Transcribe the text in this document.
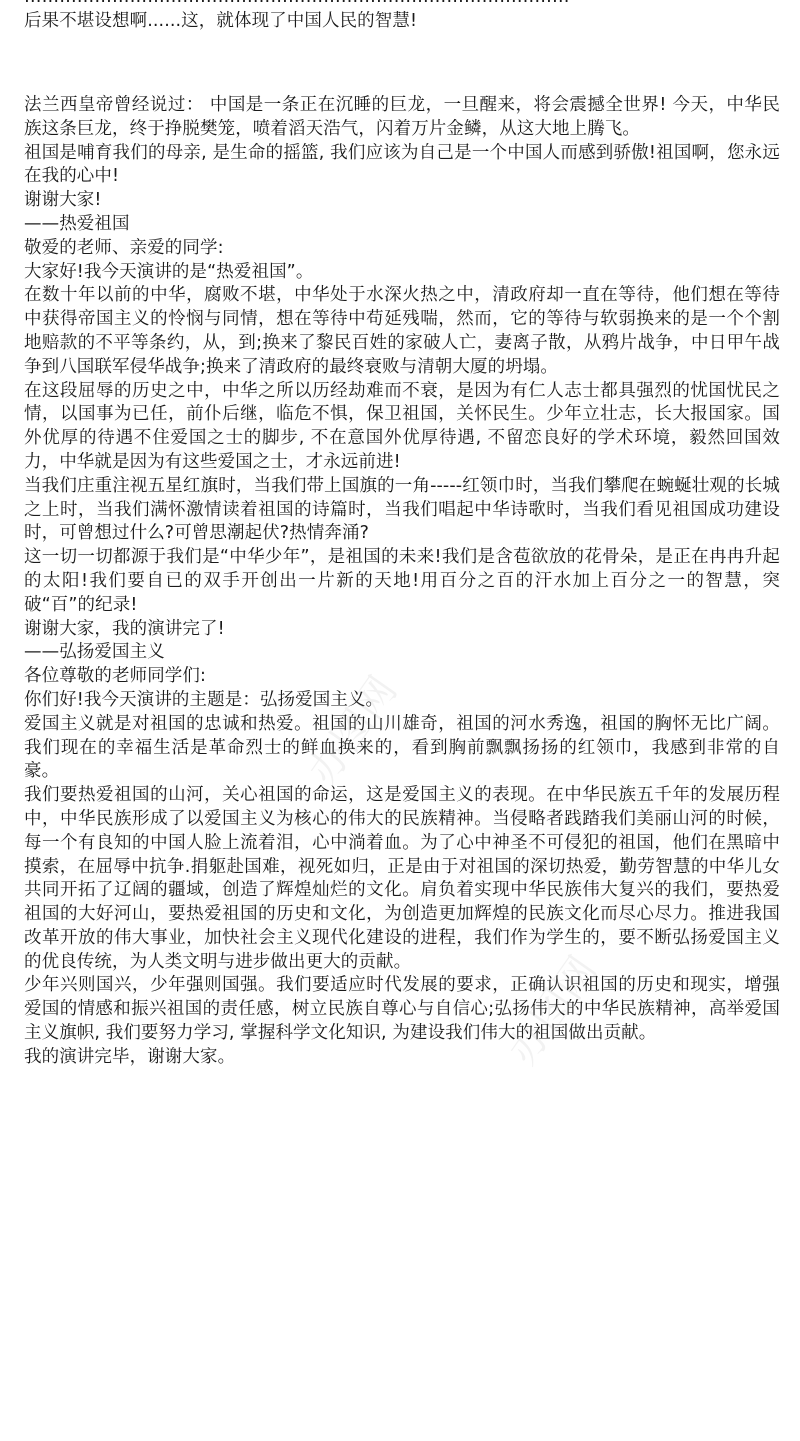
后果不堪设想啊......这，就体现了中国人民的智慧!

法兰西皇帝曾经说过： 中国是一条正在沉睡的巨龙，一旦醒来，将会震撼全世界! 今天，中华民族这条巨龙，终于挣脱樊笼，喷着滔天浩气，闪着万片金鳞，从这大地上腾飞。

祖国是哺育我们的母亲, 是生命的摇篮, 我们应该为自己是一个中国人而感到骄傲!祖国啊，您永远在我的心中!

谢谢大家!

——热爱祖国

敬爱的老师、亲爱的同学:

大家好!我今天演讲的是“热爱祖国”。

在数十年以前的中华，腐败不堪，中华处于水深火热之中，清政府却一直在等待，他们想在等待中获得帝国主义的怜悯与同情，想在等待中苟延残喘，然而，它的等待与软弱换来的是一个个割地赔款的不平等条约，从，到;换来了黎民百姓的家破人亡，妻离子散，从鸦片战争，中日甲午战争到八国联军侵华战争;换来了清政府的最终衰败与清朝大厦的坍塌。

在这段屈辱的历史之中，中华之所以历经劫难而不衰，是因为有仁人志士都具强烈的忧国忧民之情，以国事为已任，前仆后继，临危不惧，保卫祖国，关怀民生。少年立壮志，长大报国家。国外优厚的待遇不住爱国之士的脚步, 不在意国外优厚待遇, 不留恋良好的学术环境，毅然回国效力，中华就是因为有这些爱国之士，才永远前进!

当我们庄重注视五星红旗时，当我们带上国旗的一角-----红领巾时，当我们攀爬在蜿蜒壮观的长城之上时，当我们满怀激情读着祖国的诗篇时，当我们唱起中华诗歌时，当我们看见祖国成功建设时，可曾想过什么?可曾思潮起伏?热情奔涌?

这一切一切都源于我们是“中华少年”，是祖国的未来!我们是含苞欲放的花骨朵，是正在冉冉升起的太阳!我们要自已的双手开创出一片新的天地!用百分之百的汗水加上百分之一的智慧，突破“百”的纪录!

谢谢大家，我的演讲完了!

——弘扬爱国主义

各位尊敬的老师同学们:

你们好!我今天演讲的主题是：弘扬爱国主义。

爱国主义就是对祖国的忠诚和热爱。祖国的山川雄奇，祖国的河水秀逸，祖国的胸怀无比广阔。我们现在的幸福生活是革命烈士的鲜血换来的，看到胸前飘飘扬扬的红领巾，我感到非常的自豪。

我们要热爱祖国的山河，关心祖国的命运，这是爱国主义的表现。在中华民族五千年的发展历程中，中华民族形成了以爱国主义为核心的伟大的民族精神。当侵略者践踏我们美丽山河的时候，每一个有良知的中国人脸上流着泪，心中淌着血。为了心中神圣不可侵犯的祖国，他们在黑暗中摸索，在屈辱中抗争.捐躯赴国难，视死如归，正是由于对祖国的深切热爱，勤劳智慧的中华儿女共同开拓了辽阔的疆域，创造了辉煌灿烂的文化。肩负着实现中华民族伟大复兴的我们，要热爱祖国的大好河山，要热爱祖国的历史和文化，为创造更加辉煌的民族文化而尽心尽力。推进我国改革开放的伟大事业，加快社会主义现代化建设的进程，我们作为学生的，要不断弘扬爱国主义的优良传统，为人类文明与进步做出更大的贡献。

少年兴则国兴，少年强则国强。我们要适应时代发展的要求，正确认识祖国的历史和现实，增强爱国的情感和振兴祖国的责任感，树立民族自尊心与自信心;弘扬伟大的中华民族精神，高举爱国主义旗帜, 我们要努力学习, 掌握科学文化知识, 为建设我们伟大的祖国做出贡献。

我的演讲完毕，谢谢大家。

办图网
办图网
